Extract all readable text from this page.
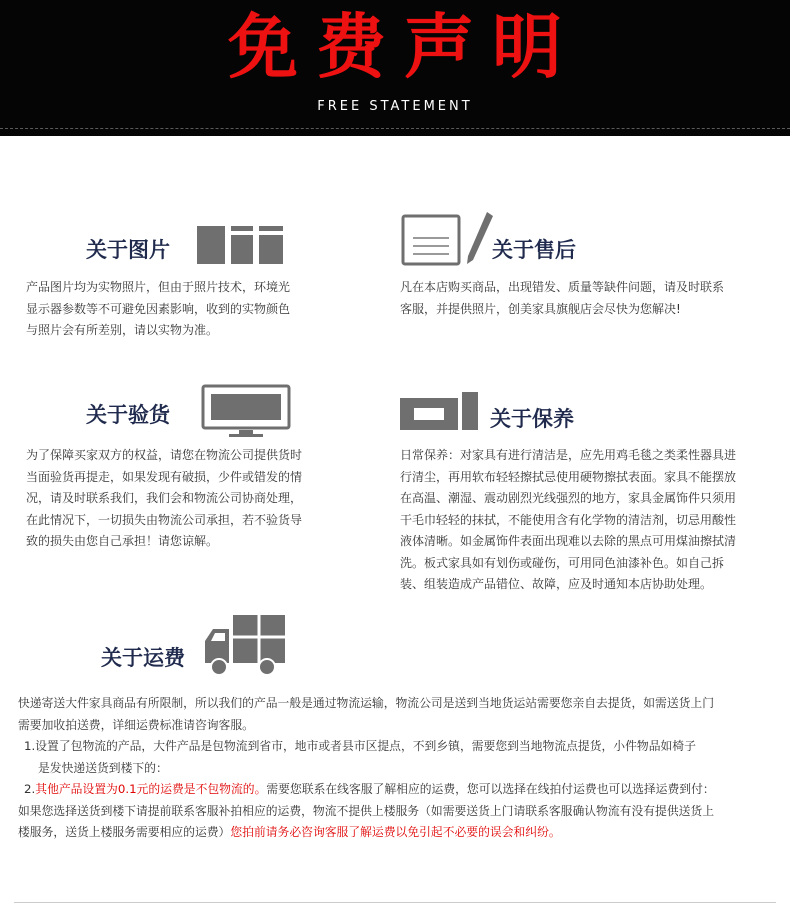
免费声明
FREE STATEMENT
关于图片

产品图片均为实物照片，但由于照片技术，环境光

显示器参数等不可避免因素影响，收到的实物颜色

与照片会有所差别，请以实物为准。

关于售后

凡在本店购买商品，出现错发、质量等缺件问题，请及时联系

客服，并提供照片，创美家具旗舰店会尽快为您解决!

关于验货

为了保障买家双方的权益，请您在物流公司提供货时

当面验货再提走，如果发现有破损，少件或错发的情

况，请及时联系我们，我们会和物流公司协商处理，

在此情况下，一切损失由物流公司承担，若不验货导

致的损失由您自己承担！请您谅解。

关于保养

日常保养：对家具有进行清洁是，应先用鸡毛毯之类柔性器具进

行清尘，再用软布轻轻擦拭忌使用硬物擦拭表面。家具不能摆放

在高温、潮湿、震动剧烈光线强烈的地方，家具金属饰件只须用

干毛巾轻轻的抹拭，不能使用含有化学物的清洁剂，切忌用酸性

液体清晰。如金属饰件表面出现难以去除的黑点可用煤油擦拭清

洗。板式家具如有划伤或碰伤，可用同色油漆补色。如自己拆

装、组装造成产品错位、故障，应及时通知本店协助处理。

关于运费

快递寄送大件家具商品有所限制，所以我们的产品一般是通过物流运输，物流公司是送到当地货运站需要您亲自去提货，如需送货上门

需要加收拍送费，详细运费标准请咨询客服。

1.设置了包物流的产品，大件产品是包物流到省市，地市或者县市区提点，不到乡镇，需要您到当地物流点提货，小件物品如椅子

是发快递送货到楼下的：

2.其他产品设置为0.1元的运费是不包物流的。需要您联系在线客服了解相应的运费，您可以选择在线拍付运费也可以选择运费到付：

如果您选择送货到楼下请提前联系客服补拍相应的运费，物流不提供上楼服务（如需要送货上门请联系客服确认物流有没有提供送货上

楼服务，送货上楼服务需要相应的运费）您拍前请务必咨询客服了解运费以免引起不必要的误会和纠纷。
